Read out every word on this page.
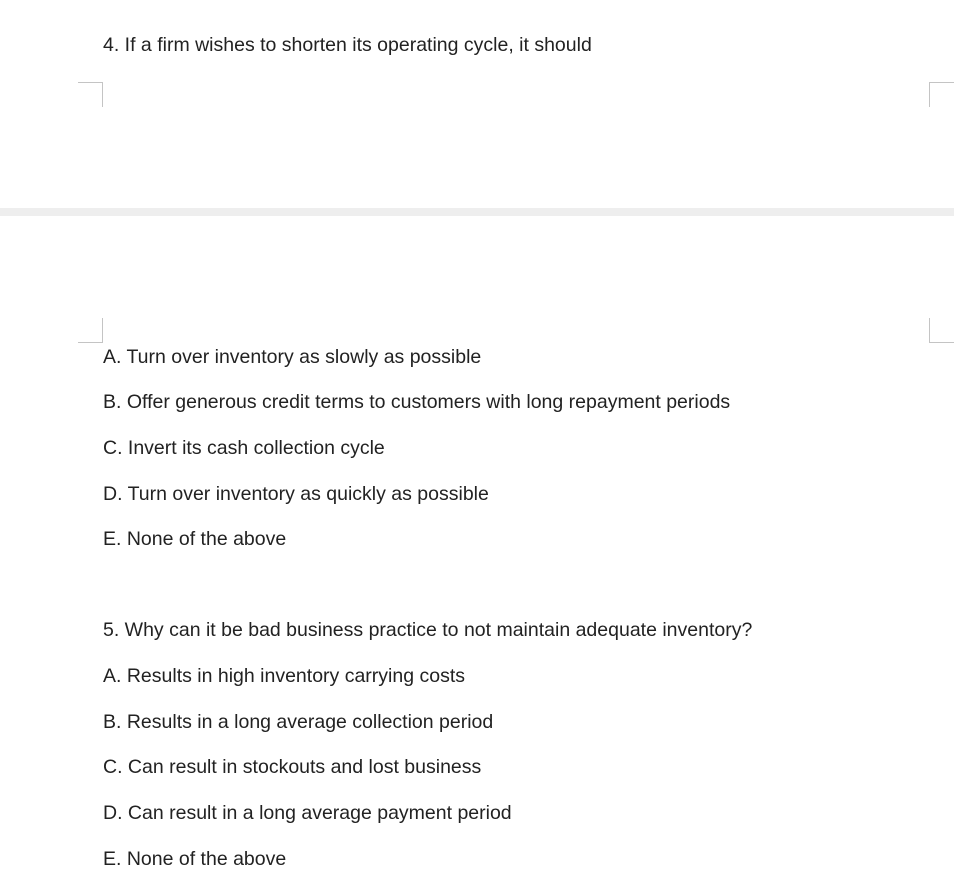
4. If a firm wishes to shorten its operating cycle, it should
A. Turn over inventory as slowly as possible
B. Offer generous credit terms to customers with long repayment periods
C. Invert its cash collection cycle
D. Turn over inventory as quickly as possible
E. None of the above
5. Why can it be bad business practice to not maintain adequate inventory?
A. Results in high inventory carrying costs
B. Results in a long average collection period
C. Can result in stockouts and lost business
D. Can result in a long average payment period
E. None of the above
